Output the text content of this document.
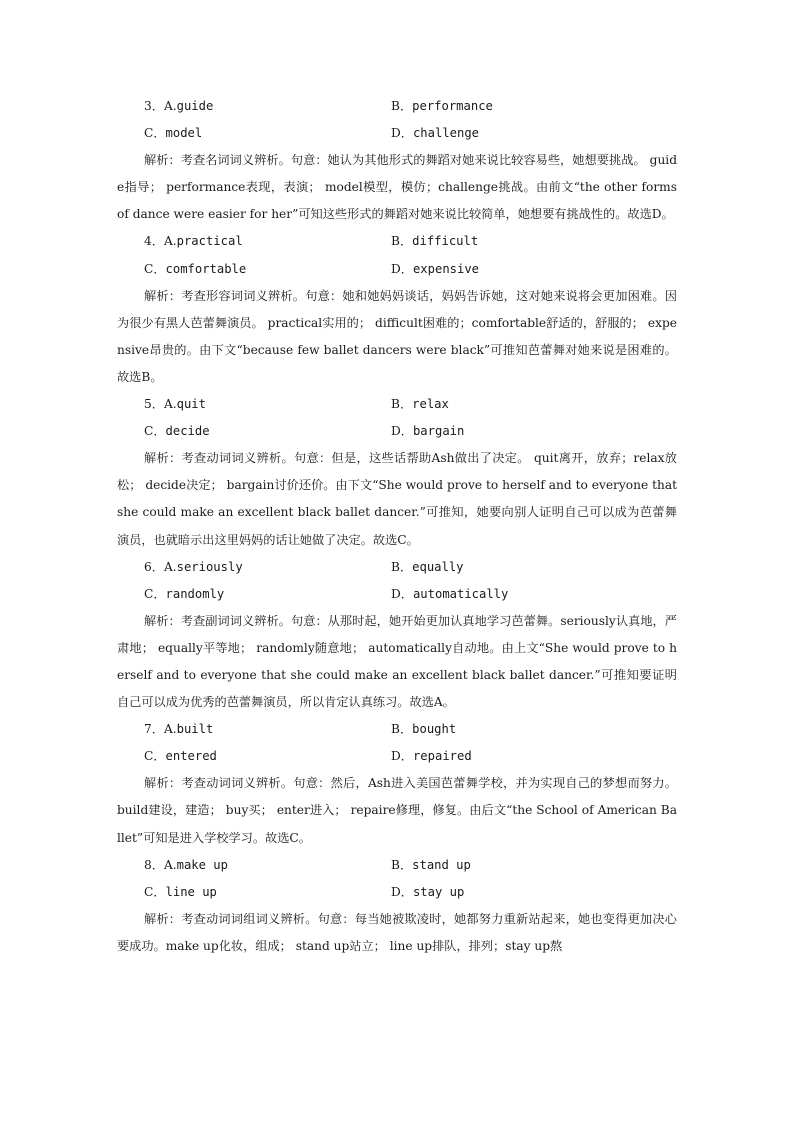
3．A.guide	B．performance
C．model	D．challenge

解析：考查名词词义辨析。句意：她认为其他形式的舞蹈对她来说比较容易些，她想要挑战。 guide指导； performance表现，表演； model模型，模仿；challenge挑战。由前文“the other forms of dance were easier for her”可知这些形式的舞蹈对她来说比较简单，她想要有挑战性的。故选D。

4．A.practical	B．difficult
C．comfortable	D．expensive

解析：考查形容词词义辨析。句意：她和她妈妈谈话，妈妈告诉她，这对她来说将会更加困难。因为很少有黑人芭蕾舞演员。 practical实用的； difficult困难的；comfortable舒适的，舒服的； expensive昂贵的。由下文“because few ballet dancers were black”可推知芭蕾舞对她来说是困难的。故选B。

5．A.quit	B．relax
C．decide	D．bargain

解析：考查动词词义辨析。句意：但是，这些话帮助Ash做出了决定。 quit离开，放弃；relax放松； decide决定； bargain讨价还价。由下文“She would prove to herself and to everyone that she could make an excellent black ballet dancer.”可推知，她要向别人证明自己可以成为芭蕾舞演员，也就暗示出这里妈妈的话让她做了决定。故选C。

6．A.seriously	B．equally
C．randomly	D．automatically

解析：考查副词词义辨析。句意：从那时起，她开始更加认真地学习芭蕾舞。seriously认真地，严肃地； equally平等地； randomly随意地； automatically自动地。由上文“She would prove to herself and to everyone that she could make an excellent black ballet dancer.”可推知要证明自己可以成为优秀的芭蕾舞演员，所以肯定认真练习。故选A。

7．A.built	B．bought
C．entered	D．repaired

解析：考查动词词义辨析。句意：然后，Ash进入美国芭蕾舞学校，并为实现自己的梦想而努力。 build建设，建造； buy买； enter进入； repaire修理，修复。由后文“the School of American Ballet”可知是进入学校学习。故选C。

8．A.make up	B．stand up
C．line up	D．stay up

解析：考查动词词组词义辨析。句意：每当她被欺凌时，她都努力重新站起来，她也变得更加决心要成功。make up化妆，组成； stand up站立； line up排队，排列；stay up熬
